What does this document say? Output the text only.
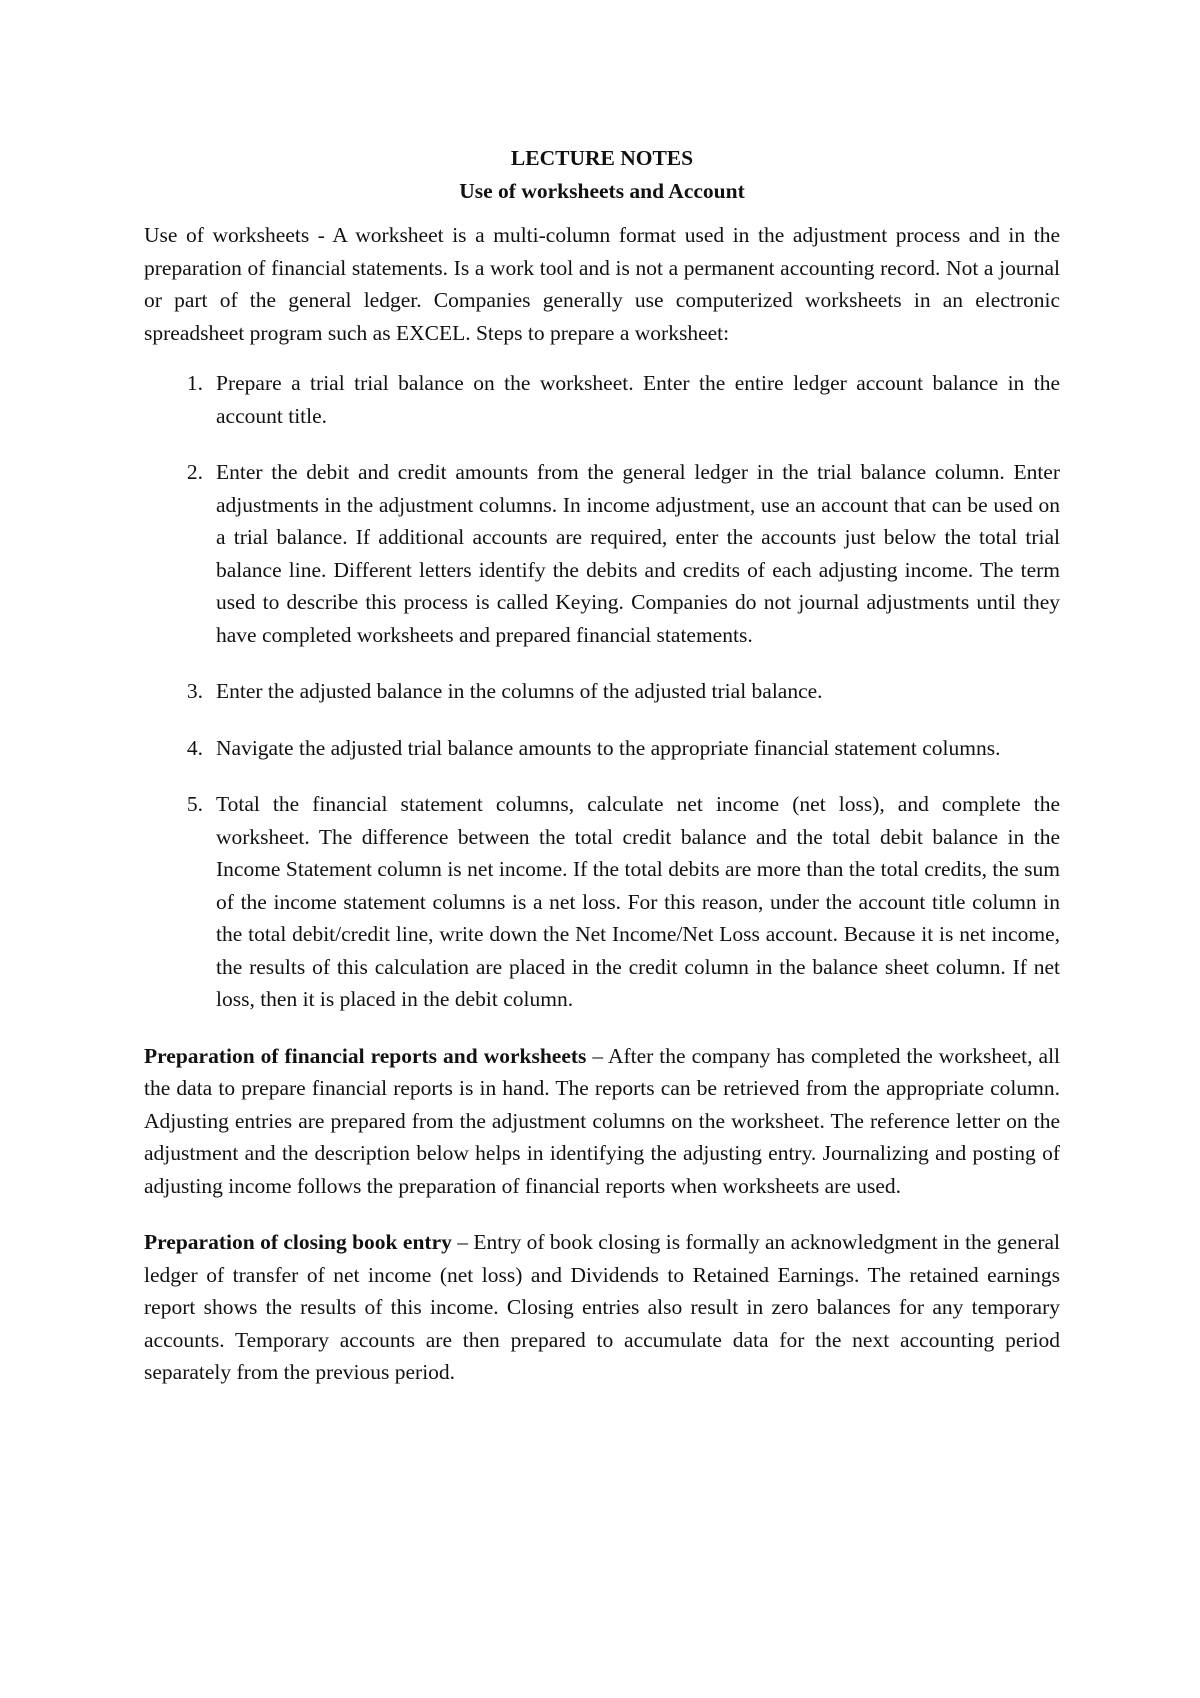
LECTURE NOTES

Use of worksheets and Account

Use of worksheets - A worksheet is a multi-column format used in the adjustment process and in the preparation of financial statements. Is a work tool and is not a permanent accounting record. Not a journal or part of the general ledger. Companies generally use computerized worksheets in an electronic spreadsheet program such as EXCEL. Steps to prepare a worksheet:

1. Prepare a trial trial balance on the worksheet. Enter the entire ledger account balance in the account title.
2. Enter the debit and credit amounts from the general ledger in the trial balance column. Enter adjustments in the adjustment columns. In income adjustment, use an account that can be used on a trial balance. If additional accounts are required, enter the accounts just below the total trial balance line. Different letters identify the debits and credits of each adjusting income. The term used to describe this process is called Keying. Companies do not journal adjustments until they have completed worksheets and prepared financial statements.
3. Enter the adjusted balance in the columns of the adjusted trial balance.
4. Navigate the adjusted trial balance amounts to the appropriate financial statement columns.
5. Total the financial statement columns, calculate net income (net loss), and complete the worksheet. The difference between the total credit balance and the total debit balance in the Income Statement column is net income. If the total debits are more than the total credits, the sum of the income statement columns is a net loss. For this reason, under the account title column in the total debit/credit line, write down the Net Income/Net Loss account. Because it is net income, the results of this calculation are placed in the credit column in the balance sheet column. If net loss, then it is placed in the debit column.

Preparation of financial reports and worksheets – After the company has completed the worksheet, all the data to prepare financial reports is in hand. The reports can be retrieved from the appropriate column. Adjusting entries are prepared from the adjustment columns on the worksheet. The reference letter on the adjustment and the description below helps in identifying the adjusting entry. Journalizing and posting of adjusting income follows the preparation of financial reports when worksheets are used.

Preparation of closing book entry – Entry of book closing is formally an acknowledgment in the general ledger of transfer of net income (net loss) and Dividends to Retained Earnings. The retained earnings report shows the results of this income. Closing entries also result in zero balances for any temporary accounts. Temporary accounts are then prepared to accumulate data for the next accounting period separately from the previous period.
